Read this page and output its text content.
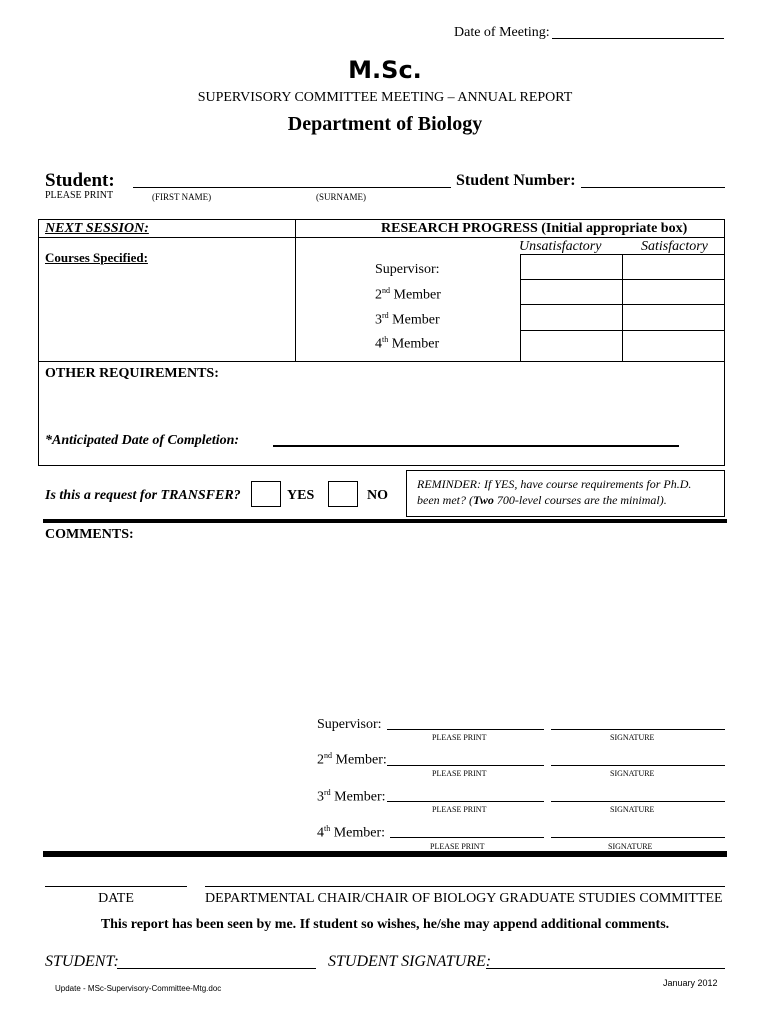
Date of Meeting:
M.Sc.
SUPERVISORY COMMITTEE MEETING – ANNUAL REPORT
Department of Biology
Student:	Student Number:
PLEASE PRINT	(FIRST NAME)	(SURNAME)
NEXT SESSION:
Courses Specified:
RESEARCH PROGRESS (Initial appropriate box)
Unsatisfactory	Satisfactory
Supervisor:
2nd Member
3rd Member
4th Member
OTHER REQUIREMENTS:
*Anticipated Date of Completion:
Is this a request for TRANSFER?	YES	NO
REMINDER: If YES, have course requirements for Ph.D.
been met? (Two 700-level courses are the minimal).
COMMENTS:
Supervisor:
PLEASE PRINT	SIGNATURE
2nd Member:
PLEASE PRINT	SIGNATURE
3rd Member:
PLEASE PRINT	SIGNATURE
4th Member:
PLEASE PRINT	SIGNATURE
DATE	DEPARTMENTAL CHAIR/CHAIR OF BIOLOGY GRADUATE STUDIES COMMITTEE
This report has been seen by me. If student so wishes, he/she may append additional comments.
STUDENT:	STUDENT SIGNATURE:
Update - MSc-Supervisory-Committee-Mtg.doc
January 2012
